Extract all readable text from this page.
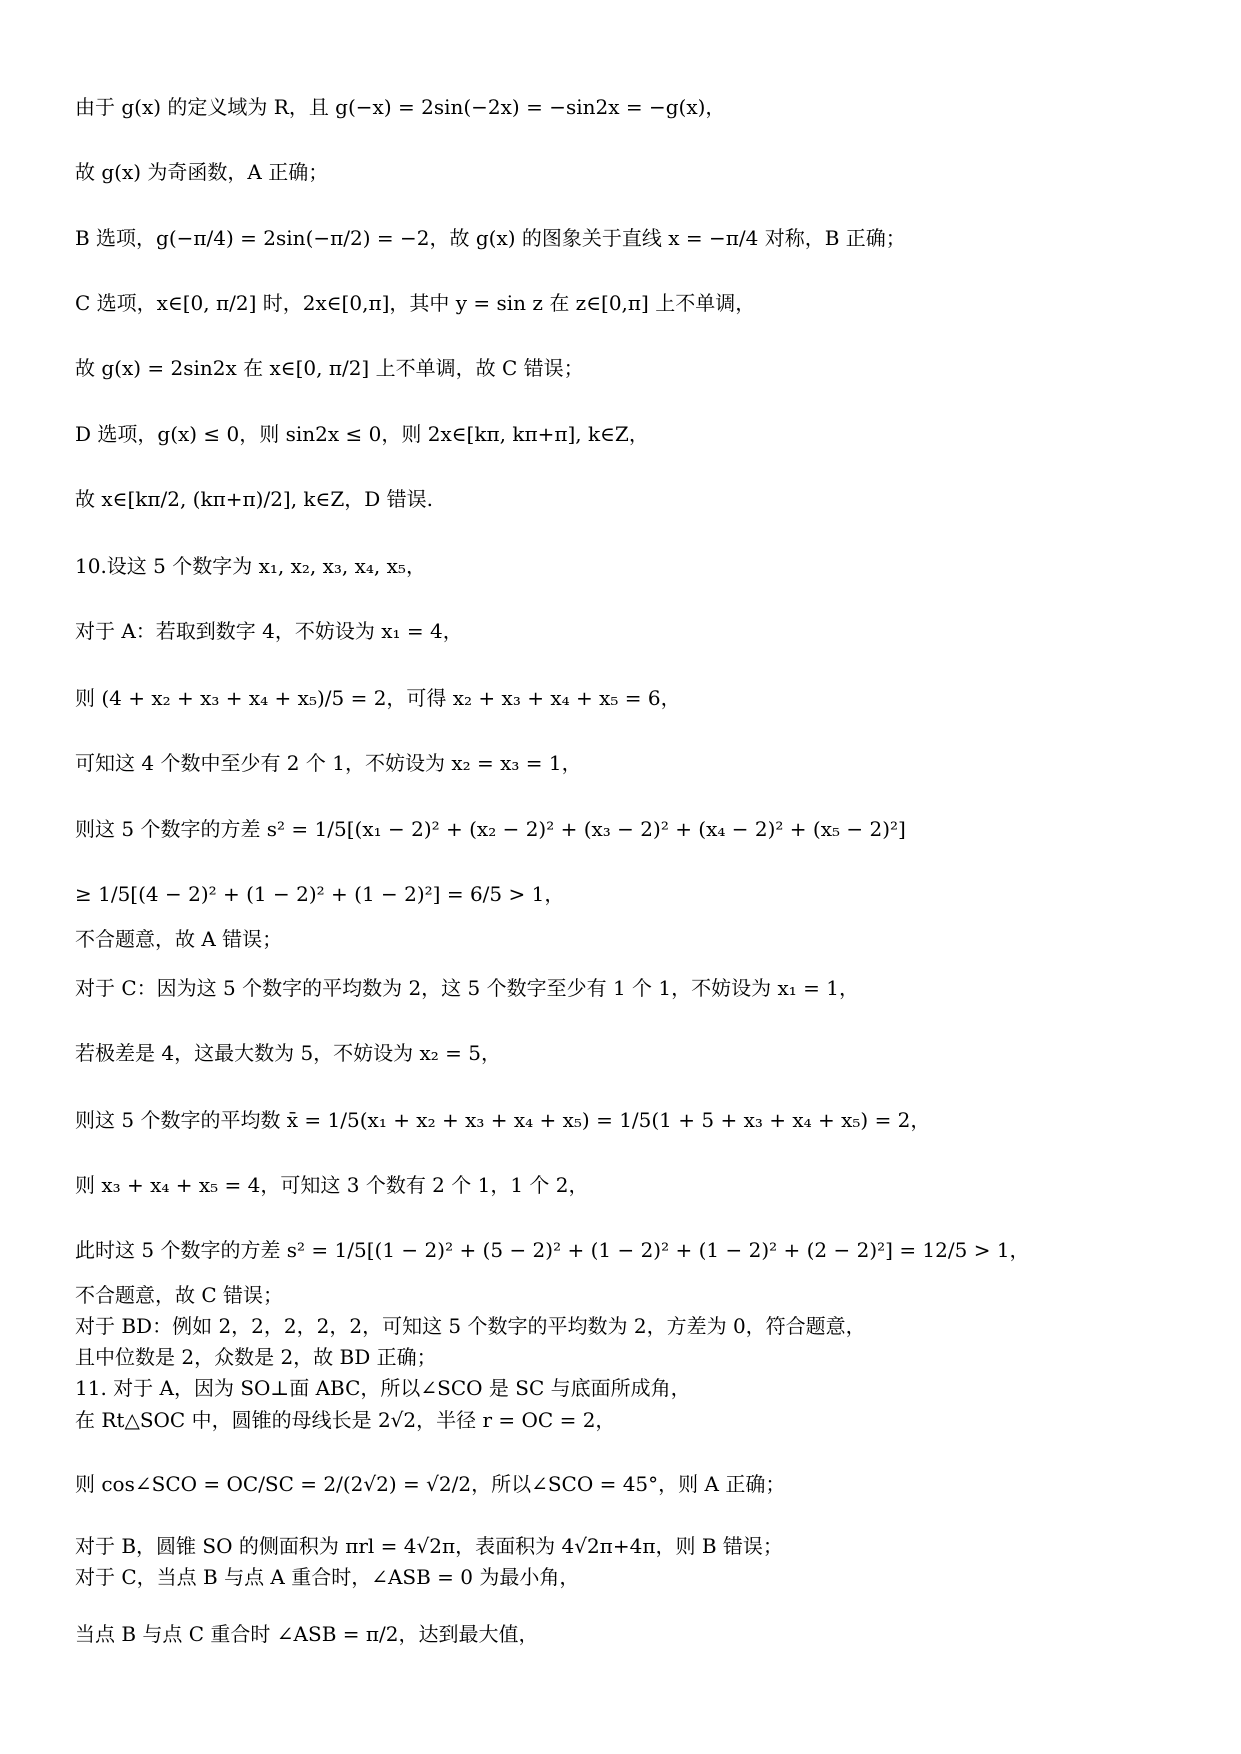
由于 g(x) 的定义域为 R，且 g(−x) = 2sin(−2x) = −sin2x = −g(x)，
故 g(x) 为奇函数，A 正确；
B 选项，g(−π/4) = 2sin(−π/2) = −2，故 g(x) 的图象关于直线 x = −π/4 对称，B 正确；
C 选项，x∈[0, π/2] 时，2x∈[0,π]，其中 y = sin z 在 z∈[0,π] 上不单调，
故 g(x) = 2sin2x 在 x∈[0, π/2] 上不单调，故 C 错误；
D 选项，g(x) ≤ 0，则 sin2x ≤ 0，则 2x∈[kπ, kπ+π], k∈Z，
故 x∈[kπ/2, (kπ+π)/2], k∈Z，D 错误.
10.设这 5 个数字为 x₁, x₂, x₃, x₄, x₅，
对于 A：若取到数字 4，不妨设为 x₁ = 4，
则 (4 + x₂ + x₃ + x₄ + x₅)/5 = 2，可得 x₂ + x₃ + x₄ + x₅ = 6，
可知这 4 个数中至少有 2 个 1，不妨设为 x₂ = x₃ = 1，
则这 5 个数字的方差 s² = 1/5[(x₁ − 2)² + (x₂ − 2)² + (x₃ − 2)² + (x₄ − 2)² + (x₅ − 2)²]
≥ 1/5[(4 − 2)² + (1 − 2)² + (1 − 2)²] = 6/5 > 1，
不合题意，故 A 错误；
对于 C：因为这 5 个数字的平均数为 2，这 5 个数字至少有 1 个 1，不妨设为 x₁ = 1，
若极差是 4，这最大数为 5，不妨设为 x₂ = 5，
则这 5 个数字的平均数 x̄ = 1/5(x₁ + x₂ + x₃ + x₄ + x₅) = 1/5(1 + 5 + x₃ + x₄ + x₅) = 2，
则 x₃ + x₄ + x₅ = 4，可知这 3 个数有 2 个 1，1 个 2，
此时这 5 个数字的方差 s² = 1/5[(1 − 2)² + (5 − 2)² + (1 − 2)² + (1 − 2)² + (2 − 2)²] = 12/5 > 1，
不合题意，故 C 错误；
对于 BD：例如 2，2，2，2，2，可知这 5 个数字的平均数为 2，方差为 0，符合题意，
且中位数是 2，众数是 2，故 BD 正确；
11. 对于 A，因为 SO⊥面 ABC，所以∠SCO 是 SC 与底面所成角，
在 Rt△SOC 中，圆锥的母线长是 2√2，半径 r = OC = 2，
则 cos∠SCO = OC/SC = 2/(2√2) = √2/2，所以∠SCO = 45°，则 A 正确；
对于 B，圆锥 SO 的侧面积为 πrl = 4√2π，表面积为 4√2π+4π，则 B 错误；
对于 C，当点 B 与点 A 重合时，∠ASB = 0 为最小角，
当点 B 与点 C 重合时 ∠ASB = π/2，达到最大值，
